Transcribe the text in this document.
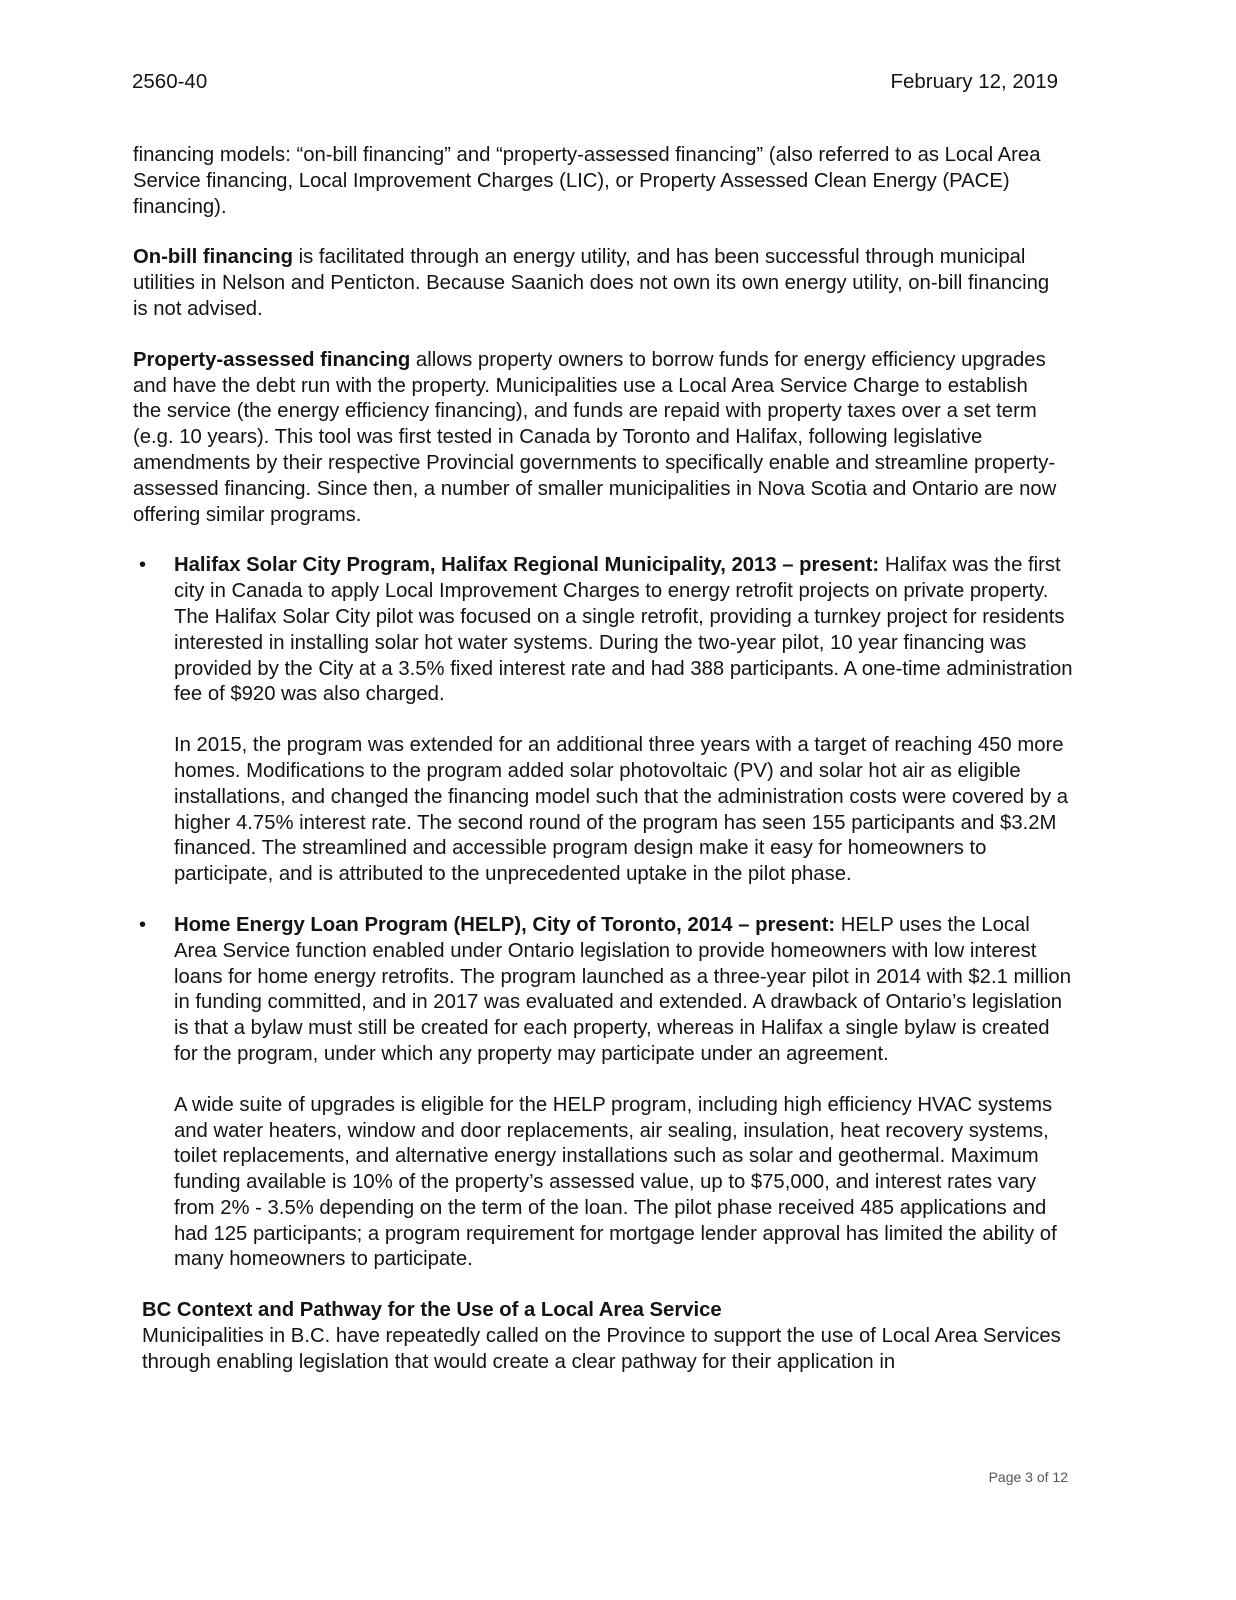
2560-40	February 12, 2019

financing models: “on-bill financing” and “property-assessed financing” (also referred to as Local Area Service financing, Local Improvement Charges (LIC), or Property Assessed Clean Energy (PACE) financing).

On-bill financing is facilitated through an energy utility, and has been successful through municipal utilities in Nelson and Penticton. Because Saanich does not own its own energy utility, on-bill financing is not advised.

Property-assessed financing allows property owners to borrow funds for energy efficiency upgrades and have the debt run with the property. Municipalities use a Local Area Service Charge to establish the service (the energy efficiency financing), and funds are repaid with property taxes over a set term (e.g. 10 years). This tool was first tested in Canada by Toronto and Halifax, following legislative amendments by their respective Provincial governments to specifically enable and streamline property-assessed financing. Since then, a number of smaller municipalities in Nova Scotia and Ontario are now offering similar programs.

• Halifax Solar City Program, Halifax Regional Municipality, 2013 – present: Halifax was the first city in Canada to apply Local Improvement Charges to energy retrofit projects on private property. The Halifax Solar City pilot was focused on a single retrofit, providing a turnkey project for residents interested in installing solar hot water systems. During the two-year pilot, 10 year financing was provided by the City at a 3.5% fixed interest rate and had 388 participants. A one-time administration fee of $920 was also charged.

In 2015, the program was extended for an additional three years with a target of reaching 450 more homes. Modifications to the program added solar photovoltaic (PV) and solar hot air as eligible installations, and changed the financing model such that the administration costs were covered by a higher 4.75% interest rate. The second round of the program has seen 155 participants and $3.2M financed. The streamlined and accessible program design make it easy for homeowners to participate, and is attributed to the unprecedented uptake in the pilot phase.

• Home Energy Loan Program (HELP), City of Toronto, 2014 – present: HELP uses the Local Area Service function enabled under Ontario legislation to provide homeowners with low interest loans for home energy retrofits. The program launched as a three-year pilot in 2014 with $2.1 million in funding committed, and in 2017 was evaluated and extended. A drawback of Ontario’s legislation is that a bylaw must still be created for each property, whereas in Halifax a single bylaw is created for the program, under which any property may participate under an agreement.

A wide suite of upgrades is eligible for the HELP program, including high efficiency HVAC systems and water heaters, window and door replacements, air sealing, insulation, heat recovery systems, toilet replacements, and alternative energy installations such as solar and geothermal. Maximum funding available is 10% of the property’s assessed value, up to $75,000, and interest rates vary from 2% - 3.5% depending on the term of the loan. The pilot phase received 485 applications and had 125 participants; a program requirement for mortgage lender approval has limited the ability of many homeowners to participate.

BC Context and Pathway for the Use of a Local Area Service

Municipalities in B.C. have repeatedly called on the Province to support the use of Local Area Services through enabling legislation that would create a clear pathway for their application in

Page 3 of 12
